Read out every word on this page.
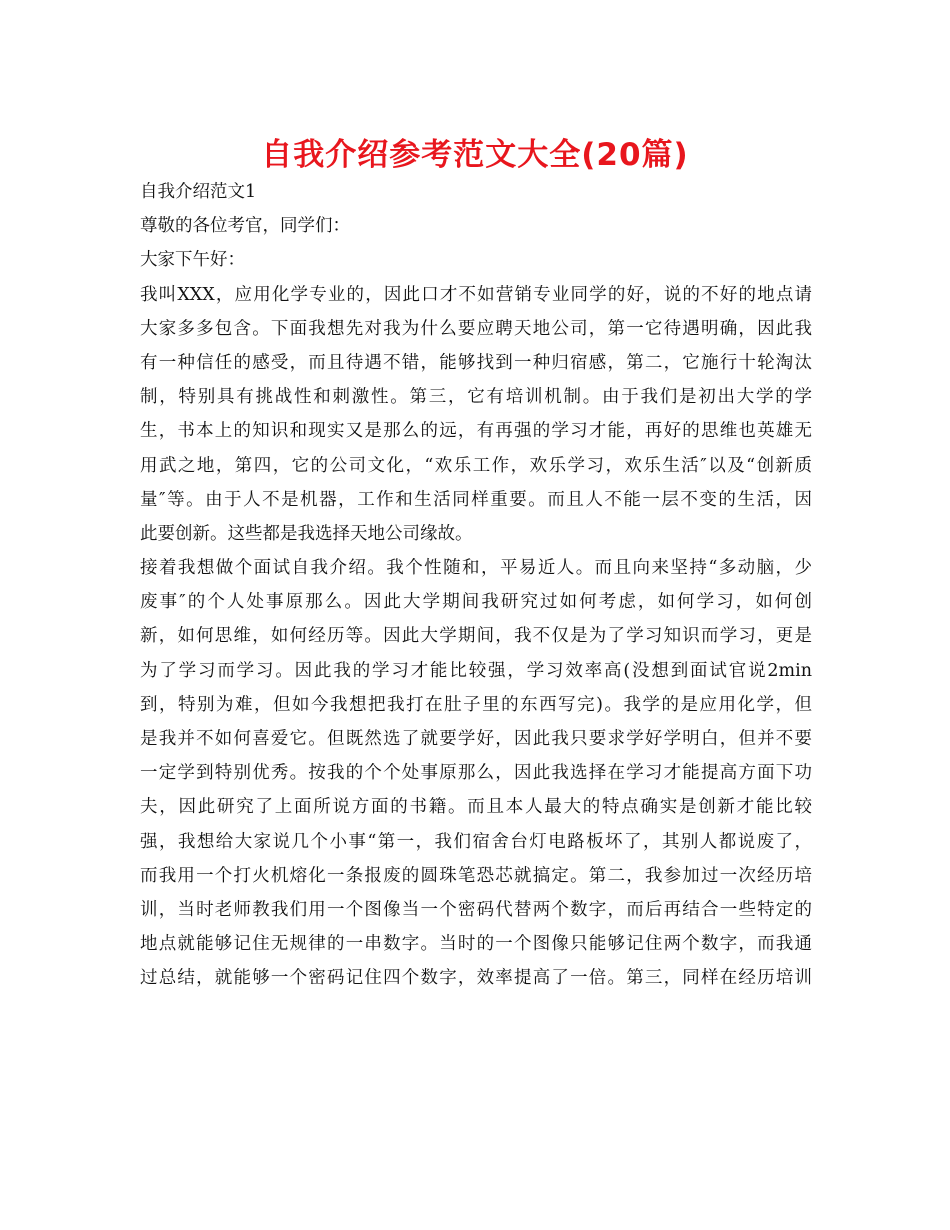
自我介绍参考范文大全(20篇)
自我介绍范文1
尊敬的各位考官，同学们：
大家下午好：
我叫XXX，应用化学专业的，因此口才不如营销专业同学的好，说的不好的地点请
大家多多包含。下面我想先对我为什么要应聘天地公司，第一它待遇明确，因此我
有一种信任的感受，而且待遇不错，能够找到一种归宿感，第二，它施行十轮淘汰
制，特别具有挑战性和刺激性。第三，它有培训机制。由于我们是初出大学的学
生，书本上的知识和现实又是那么的远，有再强的学习才能，再好的思维也英雄无
用武之地，第四，它的公司文化，“欢乐工作，欢乐学习，欢乐生活″以及“创新质
量″等。由于人不是机器，工作和生活同样重要。而且人不能一层不变的生活，因
此要创新。这些都是我选择天地公司缘故。
接着我想做个面试自我介绍。我个性随和，平易近人。而且向来坚持“多动脑，少
废事″的个人处事原那么。因此大学期间我研究过如何考虑，如何学习，如何创
新，如何思维，如何经历等。因此大学期间，我不仅是为了学习知识而学习，更是
为了学习而学习。因此我的学习才能比较强，学习效率高(没想到面试官说2min
到，特别为难，但如今我想把我打在肚子里的东西写完)。我学的是应用化学，但
是我并不如何喜爱它。但既然选了就要学好，因此我只要求学好学明白，但并不要
一定学到特别优秀。按我的个个处事原那么，因此我选择在学习才能提高方面下功
夫，因此研究了上面所说方面的书籍。而且本人最大的特点确实是创新才能比较
强，我想给大家说几个小事“第一，我们宿舍台灯电路板坏了，其别人都说废了，
而我用一个打火机熔化一条报废的圆珠笔恐芯就搞定。第二，我参加过一次经历培
训，当时老师教我们用一个图像当一个密码代替两个数字，而后再结合一些特定的
地点就能够记住无规律的一串数字。当时的一个图像只能够记住两个数字，而我通
过总结，就能够一个密码记住四个数字，效率提高了一倍。第三，同样在经历培训
